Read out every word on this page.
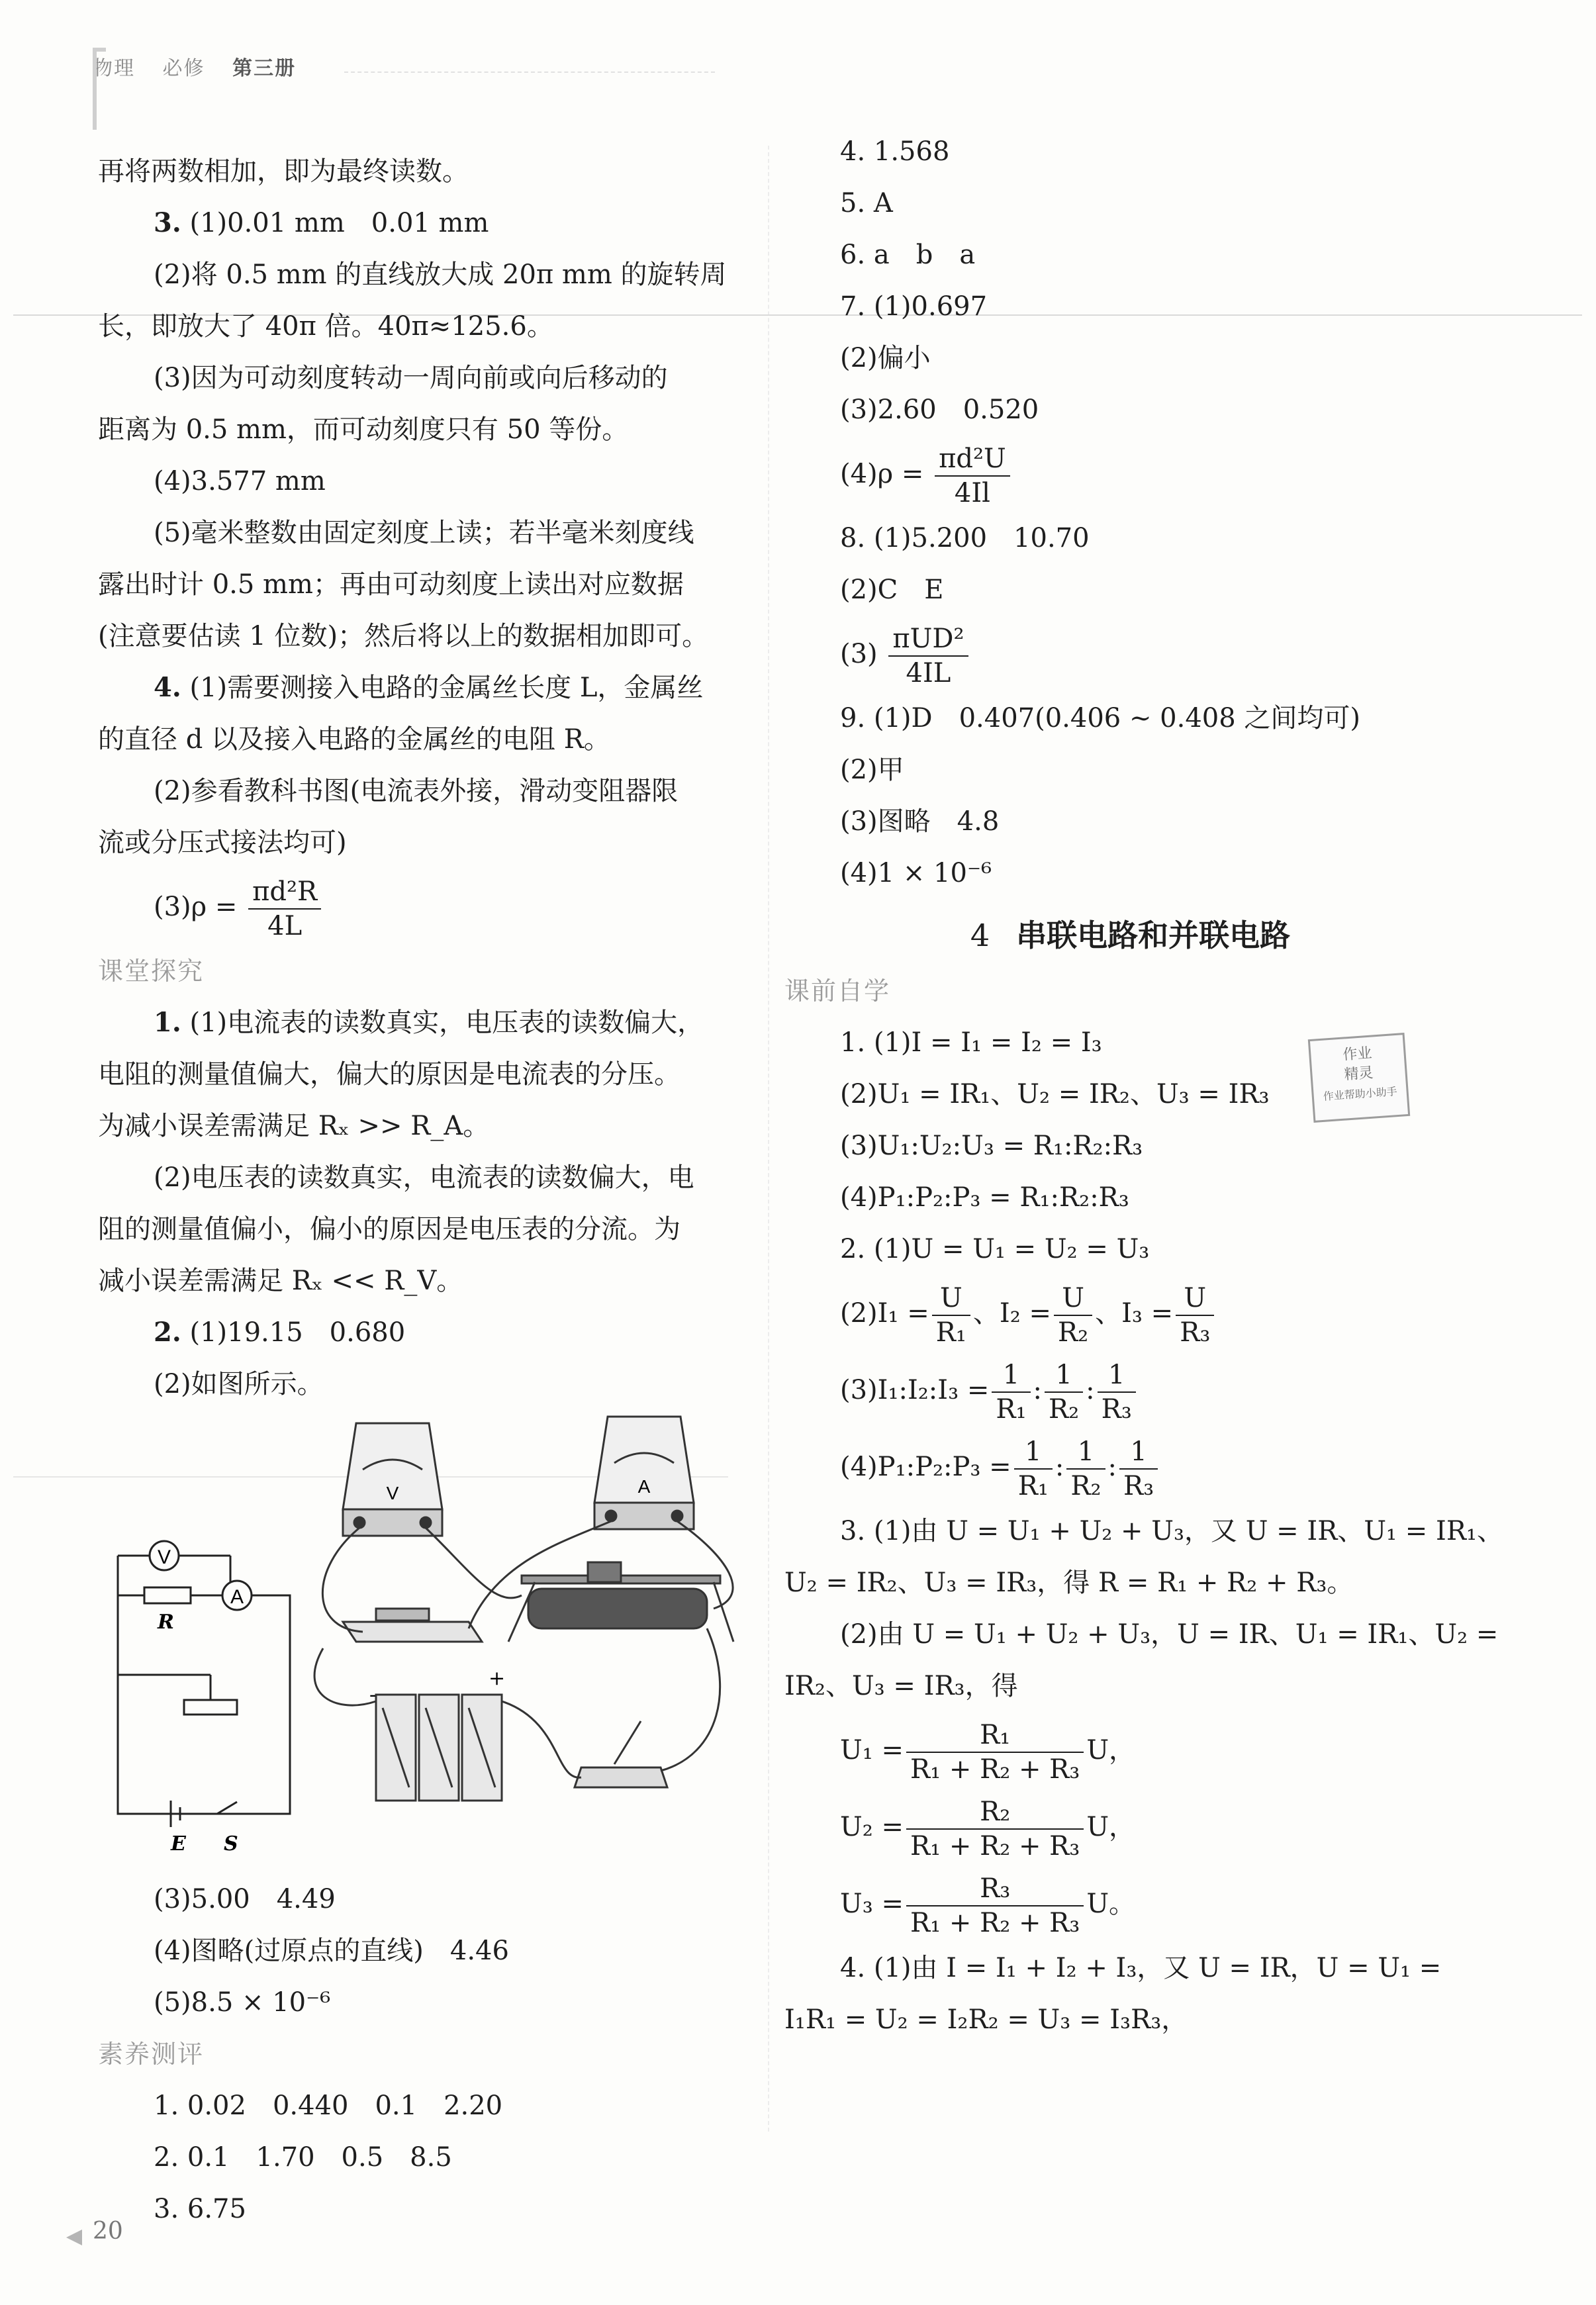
物理 必修 第三册
再将两数相加，即为最终读数。
3. (1)0.01 mm　0.01 mm
(2)将 0.5 mm 的直线放大成 20π mm 的旋转周
长，即放大了 40π 倍。40π≈125.6。
(3)因为可动刻度转动一周向前或向后移动的
距离为 0.5 mm，而可动刻度只有 50 等份。
(4)3.577 mm
(5)毫米整数由固定刻度上读；若半毫米刻度线
露出时计 0.5 mm；再由可动刻度上读出对应数据
(注意要估读 1 位数)；然后将以上的数据相加即可。
4. (1)需要测接入电路的金属丝长度 L，金属丝
的直径 d 以及接入电路的金属丝的电阻 R。
(2)参看教科书图(电流表外接，滑动变阻器限
流或分压式接法均可)
$(3)\rho = \frac{\text{πd²R}}{4L}$
课堂探究
1. (1)电流表的读数真实，电压表的读数偏大，
电阻的测量值偏大，偏大的原因是电流表的分压。
为减小误差需满足 Rₓ >> R_A。
(2)电压表的读数真实，电流表的读数偏大，电
阻的测量值偏小，偏小的原因是电压表的分流。为
减小误差需满足 Rₓ << R_V。
2. (1)19.15　0.680
(2)如图所示。
V
A
R
E S
V	A
+
-
(3)5.00　4.49
(4)图略(过原点的直线)　4.46
(5)8.5 × 10⁻⁶
素养测评
1. 0.02　0.440　0.1　2.20
2. 0.1　1.70　0.5　8.5
3. 6.75
4. 1.568
5. A
6. a　b　a
7. (1)0.697
(2)偏小
(3)2.60　0.520
$(4)\rho = \frac{\text{πd²U}}{4Il}$
8. (1)5.200　10.70
(2)C　E
$(3) \frac{\text{πUD²}}{4IL}$
9. (1)D　0.407(0.406 ~ 0.408 之间均可)
(2)甲
(3)图略　4.8
(4)1 × 10⁻⁶
4 串联电路和并联电路
课前自学
1. (1)I = I₁ = I₂ = I₃
(2)U₁ = IR₁、U₂ = IR₂、U₃ = IR₃
(3)U₁:U₂:U₃ = R₁:R₂:R₃
(4)P₁:P₂:P₃ = R₁:R₂:R₃
2. (1)U = U₁ = U₂ = U₃
$(2)I_1 = \frac{U}{\text{R₁}}$ 、$I_2 = \frac{U}{\text{R₂}}$ 、$I_3 = \frac{U}{\text{R₃}}$
(3)I₁:I₂:I₃ = $\frac{1}{\text{R₁}}$ : $\frac{1}{\text{R₂}}$ : $\frac{1}{\text{R₃}}$
(4)P₁:P₂:P₃ = $\frac{1}{\text{R₁}}$ : $\frac{1}{\text{R₂}}$ : $\frac{1}{\text{R₃}}$
3. (1)由 U = U₁ + U₂ + U₃，又 U = IR、U₁ = IR₁、
U₂ = IR₂、U₃ = IR₃，得 R = R₁ + R₂ + R₃。
(2)由 U = U₁ + U₂ + U₃，U = IR、U₁ = IR₁、U₂ =
IR₂、U₃ = IR₃，得
$U_1 = \frac{\text{R₁}}{\text{R₁ + R₂ + R₃}}$ U，
$U_2 = \frac{\text{R₂}}{\text{R₁ + R₂ + R₃}}$ U，
$U_3 = \frac{\text{R₃}}{\text{R₁ + R₂ + R₃}}$ U。
4. (1)由 I = I₁ + I₂ + I₃，又 U = IR，U = U₁ =
I₁R₁ = U₂ = I₂R₂ = U₃ = I₃R₃，
作业
精灵
作业帮助小助手
20
